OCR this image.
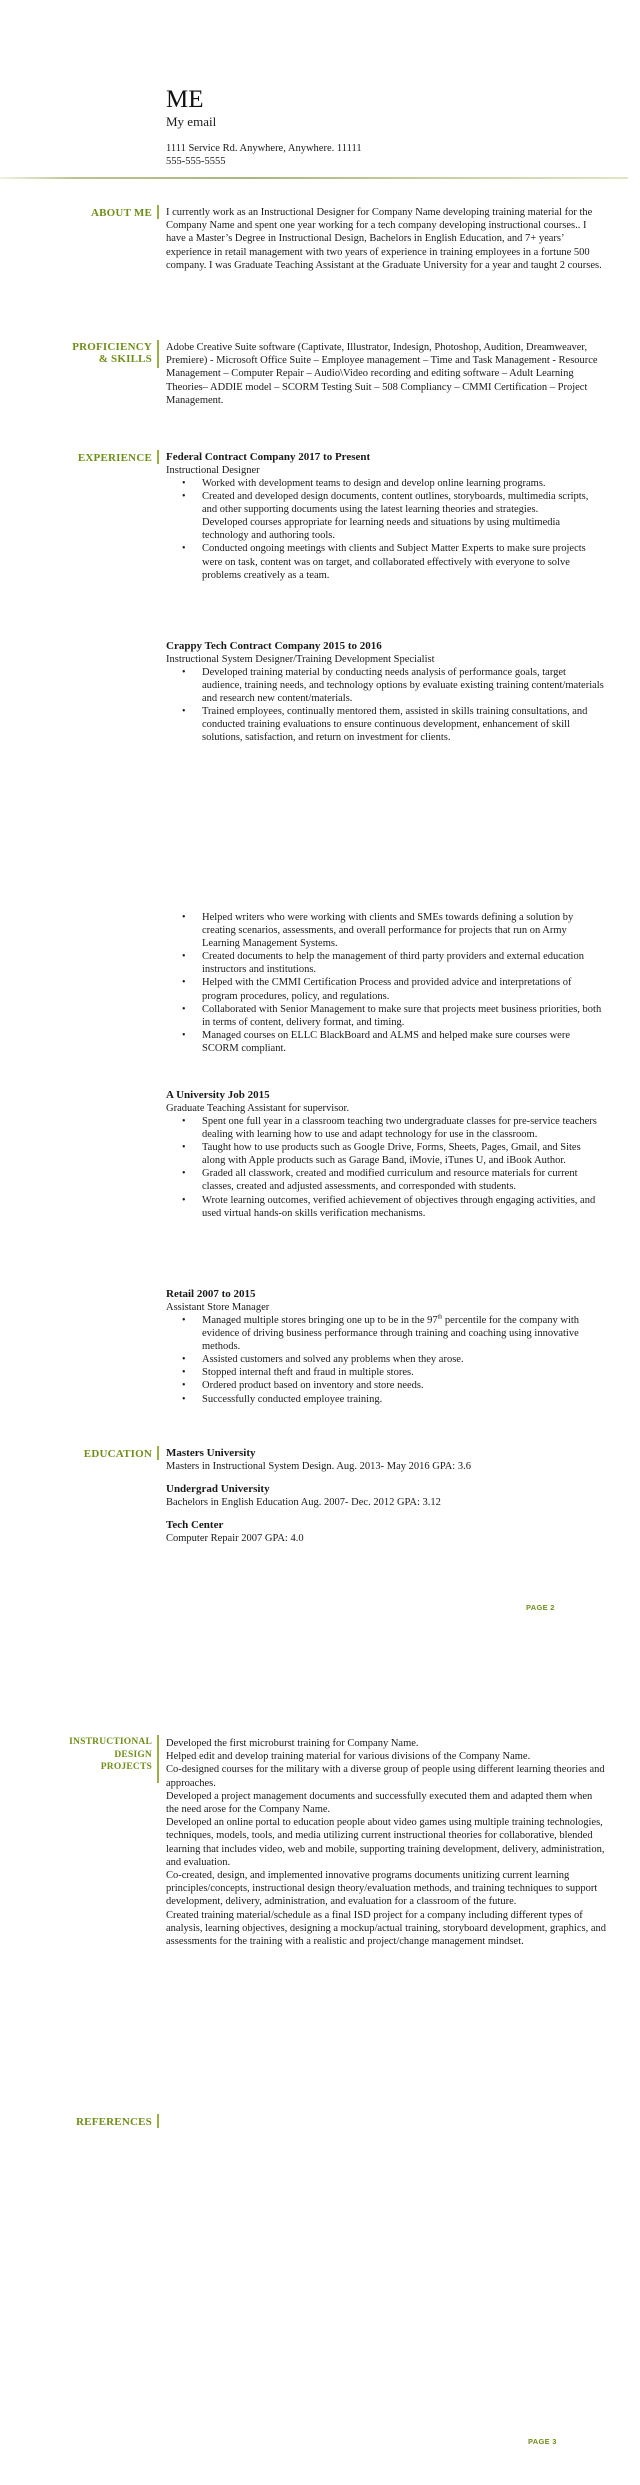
ME
My email
1111 Service Rd. Anywhere, Anywhere. 11111
555-555-5555
ABOUT ME I currently work as an Instructional Designer for Company Name developing training material for the Company Name and spent one year working for a tech company developing instructional courses.. I have a Master’s Degree in Instructional Design, Bachelors in English Education, and 7+ years’ experience in retail management with two years of experience in training employees in a fortune 500 company. I was Graduate Teaching Assistant at the Graduate University for a year and taught 2 courses.
PROFICIENCY
& SKILLS
Adobe Creative Suite software (Captivate, Illustrator, Indesign, Photoshop, Audition, Dreamweaver, Premiere) - Microsoft Office Suite – Employee management – Time and Task Management - Resource Management – Computer Repair – Audio\Video recording and editing software – Adult Learning Theories– ADDIE model – SCORM Testing Suit – 508 Compliancy – CMMI Certification – Project Management.
EXPERIENCE Federal Contract Company 2017 to Present
Instructional Designer
• Worked with development teams to design and develop online learning programs.
• Created and developed design documents, content outlines, storyboards, multimedia scripts, and other supporting documents using the latest learning theories and strategies.
Developed courses appropriate for learning needs and situations by using multimedia technology and authoring tools.
• Conducted ongoing meetings with clients and Subject Matter Experts to make sure projects were on task, content was on target, and collaborated effectively with everyone to solve problems creatively as a team.
Crappy Tech Contract Company 2015 to 2016
Instructional System Designer/Training Development Specialist
• Developed training material by conducting needs analysis of performance goals, target audience, training needs, and technology options by evaluate existing training content/materials and research new content/materials.
• Trained employees, continually mentored them, assisted in skills training consultations, and conducted training evaluations to ensure continuous development, enhancement of skill solutions, satisfaction, and return on investment for clients.
• Helped writers who were working with clients and SMEs towards defining a solution by creating scenarios, assessments, and overall performance for projects that run on Army Learning Management Systems.
• Created documents to help the management of third party providers and external education instructors and institutions.
• Helped with the CMMI Certification Process and provided advice and interpretations of program procedures, policy, and regulations.
• Collaborated with Senior Management to make sure that projects meet business priorities, both in terms of content, delivery format, and timing.
• Managed courses on ELLC BlackBoard and ALMS and helped make sure courses were SCORM compliant.
A University Job 2015
Graduate Teaching Assistant for supervisor.
• Spent one full year in a classroom teaching two undergraduate classes for pre-service teachers dealing with learning how to use and adapt technology for use in the classroom.
• Taught how to use products such as Google Drive, Forms, Sheets, Pages, Gmail, and Sites along with Apple products such as Garage Band, iMovie, iTunes U, and iBook Author.
• Graded all classwork, created and modified curriculum and resource materials for current classes, created and adjusted assessments, and corresponded with students.
• Wrote learning outcomes, verified achievement of objectives through engaging activities, and used virtual hands-on skills verification mechanisms.
Retail 2007 to 2015
Assistant Store Manager
• Managed multiple stores bringing one up to be in the 97th percentile for the company with evidence of driving business performance through training and coaching using innovative methods.
• Assisted customers and solved any problems when they arose.
• Stopped internal theft and fraud in multiple stores.
• Ordered product based on inventory and store needs.
• Successfully conducted employee training.
EDUCATION Masters University
Masters in Instructional System Design. Aug. 2013- May 2016 GPA: 3.6
Undergrad University
Bachelors in English Education Aug. 2007- Dec. 2012 GPA: 3.12
Tech Center
Computer Repair 2007 GPA: 4.0
PAGE 2
INSTRUCTIONAL
DESIGN
PROJECTS

Developed the first microburst training for Company Name.

Helped edit and develop training material for various divisions of the Company Name.

Co-designed courses for the military with a diverse group of people using different learning theories and approaches.

Developed a project management documents and successfully executed them and adapted them when the need arose for the Company Name.

Developed an online portal to education people about video games using multiple training technologies, techniques, models, tools, and media utilizing current instructional theories for collaborative, blended learning that includes video, web and mobile, supporting training development, delivery, administration, and evaluation.

Co-created, design, and implemented innovative programs documents unitizing current learning principles/concepts, instructional design theory/evaluation methods, and training techniques to support development, delivery, administration, and evaluation for a classroom of the future.

Created training material/schedule as a final ISD project for a company including different types of analysis, learning objectives, designing a mockup/actual training, storyboard development, graphics, and assessments for the training with a realistic and project/change management mindset.

REFERENCES
PAGE 3
